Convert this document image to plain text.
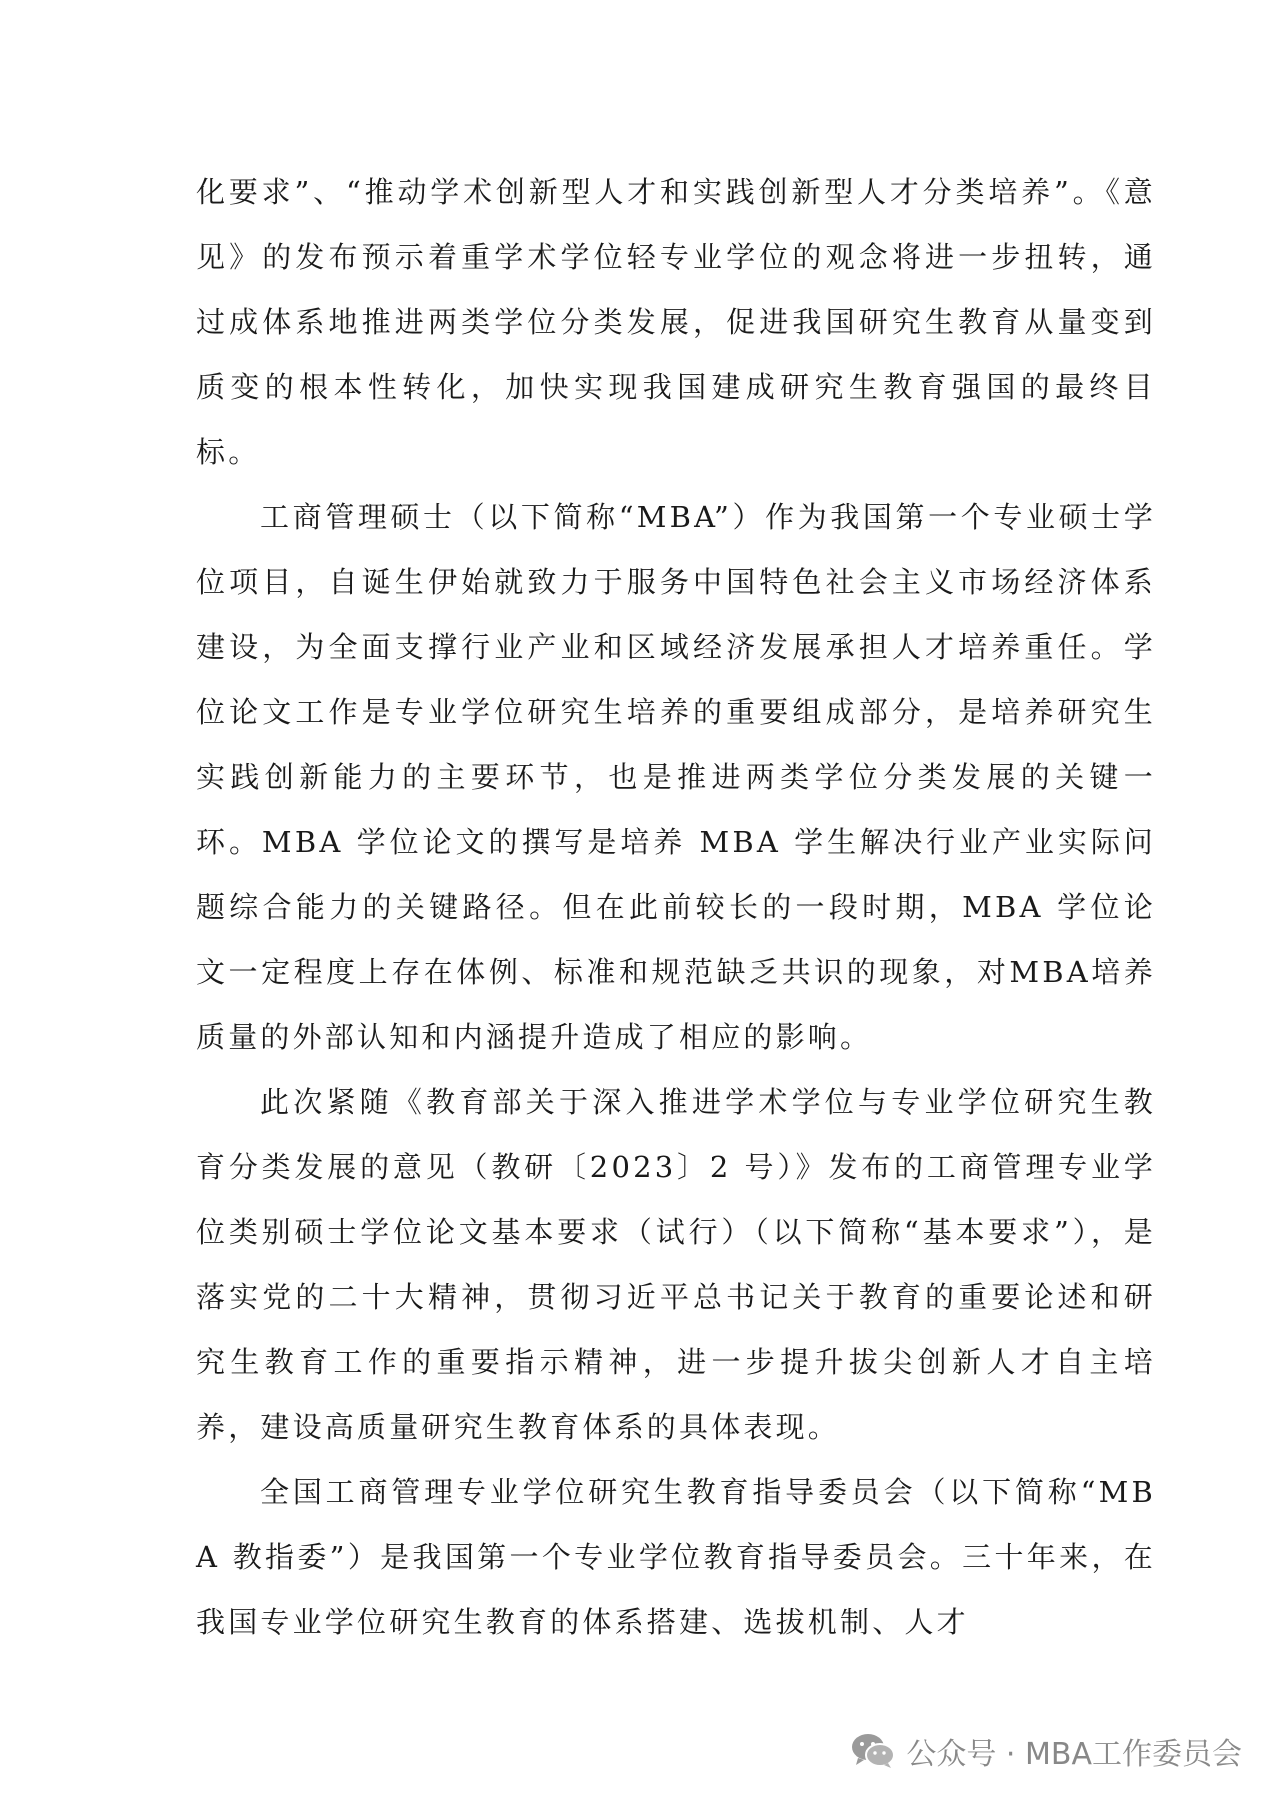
化要求”、“推动学术创新型人才和实践创新型人才分类培养”。《意见》的发布预示着重学术学位轻专业学位的观念将进一步扭转，通过成体系地推进两类学位分类发展，促进我国研究生教育从量变到质变的根本性转化，加快实现我国建成研究生教育强国的最终目标。

工商管理硕士（以下简称“MBA”）作为我国第一个专业硕士学位项目，自诞生伊始就致力于服务中国特色社会主义市场经济体系建设，为全面支撑行业产业和区域经济发展承担人才培养重任。学位论文工作是专业学位研究生培养的重要组成部分，是培养研究生实践创新能力的主要环节，也是推进两类学位分类发展的关键一环。MBA 学位论文的撰写是培养 MBA 学生解决行业产业实际问题综合能力的关键路径。但在此前较长的一段时期，MBA 学位论文一定程度上存在体例、标准和规范缺乏共识的现象，对MBA培养质量的外部认知和内涵提升造成了相应的影响。

此次紧随《教育部关于深入推进学术学位与专业学位研究生教育分类发展的意见（教研〔2023〕2 号）》发布的工商管理专业学位类别硕士学位论文基本要求（试行）（以下简称“基本要求”），是落实党的二十大精神，贯彻习近平总书记关于教育的重要论述和研究生教育工作的重要指示精神，进一步提升拔尖创新人才自主培养，建设高质量研究生教育体系的具体表现。

全国工商管理专业学位研究生教育指导委员会（以下简称“MBA 教指委”）是我国第一个专业学位教育指导委员会。三十年来，在我国专业学位研究生教育的体系搭建、选拔机制、人才

公众号 · MBA工作委员会
